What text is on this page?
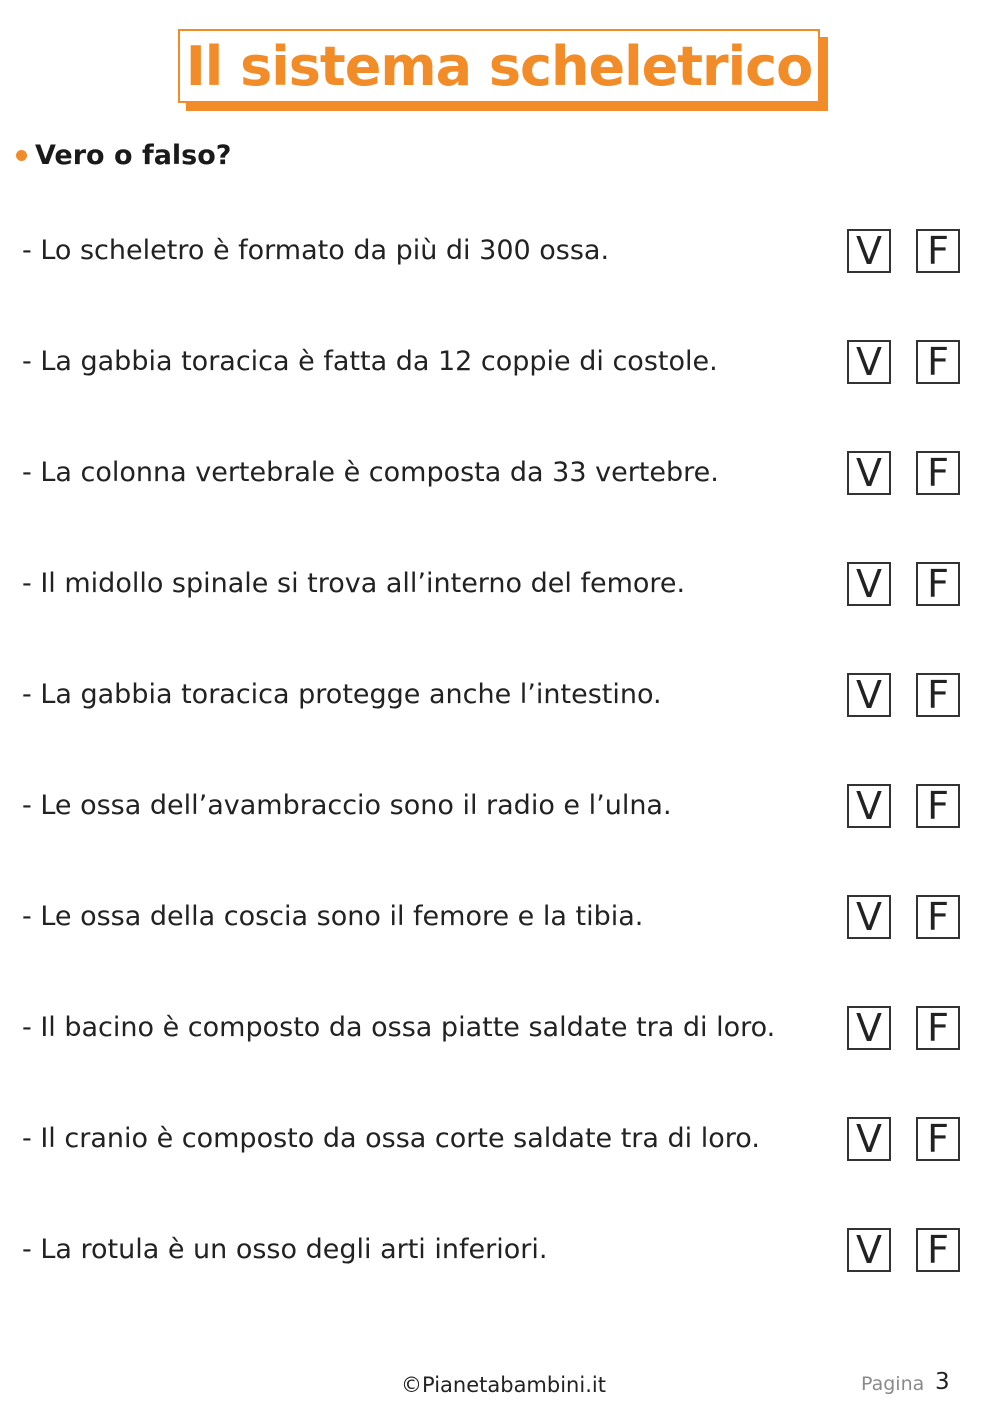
Il sistema scheletrico
Vero o falso?
- Lo scheletro è formato da più di 300 ossa.	V F
- La gabbia toracica è fatta da 12 coppie di costole.	V F
- La colonna vertebrale è composta da 33 vertebre.	V F
- Il midollo spinale si trova all’interno del femore.	V F
- La gabbia toracica protegge anche l’intestino.	V F
- Le ossa dell’avambraccio sono il radio e l’ulna.	V F
- Le ossa della coscia sono il femore e la tibia.	V F
- Il bacino è composto da ossa piatte saldate tra di loro. V F
- Il cranio è composto da ossa corte saldate tra di loro.	V F
- La rotula è un osso degli arti inferiori.	V F
©Pianetabambini.it	Pagina 3
